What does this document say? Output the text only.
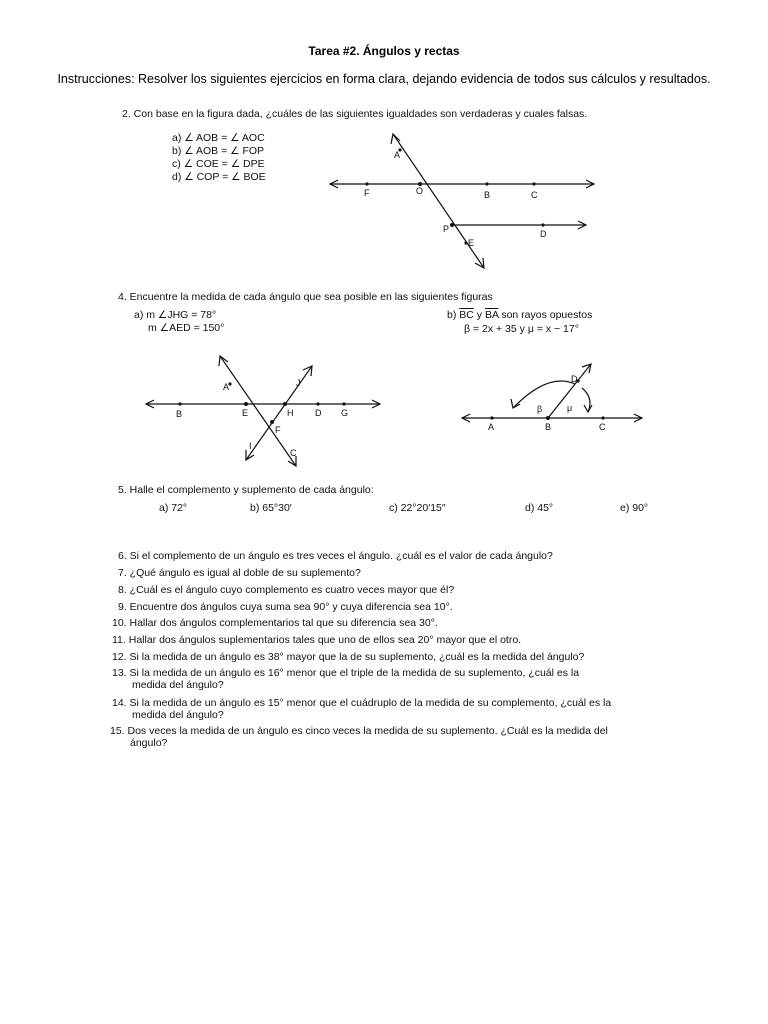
Tarea #2. Ángulos y rectas
Instrucciones: Resolver los siguientes ejercicios en forma clara, dejando evidencia de todos sus cálculos y resultados.
2. Con base en la figura dada, ¿cuáles de las siguientes igualdades son verdaderas y cuales falsas.
a) ∠ AOB = ∠ AOC
b) ∠ AOB = ∠ FOP
c) ∠ COE = ∠ DPE
d) ∠ COP = ∠ BOE
A
F	O	B	C
P	D
E
4. Encuentre la medida de cada ángulo que sea posible en las siguientes figuras
a) m ∠JHG = 78°
m ∠AED = 150°
b) $\overline{BC}$ y $\overline{BA}$ son rayos opuestos
β = 2x + 35 y μ = x − 17°
A	J
B	E	H D G
F
C
I
A	B	C
D
β	μ
5. Halle el complemento y suplemento de cada ángulo:
a) 72°	b) 65°30′	c) 22°20′15″	d) 45°	e) 90°
6. Si el complemento de un ángulo es tres veces el ángulo. ¿cuál es el valor de cada ángulo?
7. ¿Qué ángulo es igual al doble de su suplemento?
8. ¿Cuál es el ángulo cuyo complemento es cuatro veces mayor que él?
9. Encuentre dos ángulos cuya suma sea 90° y cuya diferencia sea 10°.
10. Hallar dos ángulos complementarios tal que su diferencia sea 30°.
11. Hallar dos ángulos suplementarios tales que uno de ellos sea 20° mayor que el otro.
12. Si la medida de un ángulo es 38° mayor que la de su suplemento, ¿cuál es la medida del ángulo?
13. Si la medida de un ángulo es 16° menor que el triple de la medida de su suplemento, ¿cuál es la
medida del ángulo?
14. Si la medida de un ángulo es 15° menor que el cuádruplo de la medida de su complemento, ¿cuál es la
medida del ángulo?
15. Dos veces la medida de un ángulo es cinco veces la medida de su suplemento. ¿Cuál es la medida del
ángulo?
